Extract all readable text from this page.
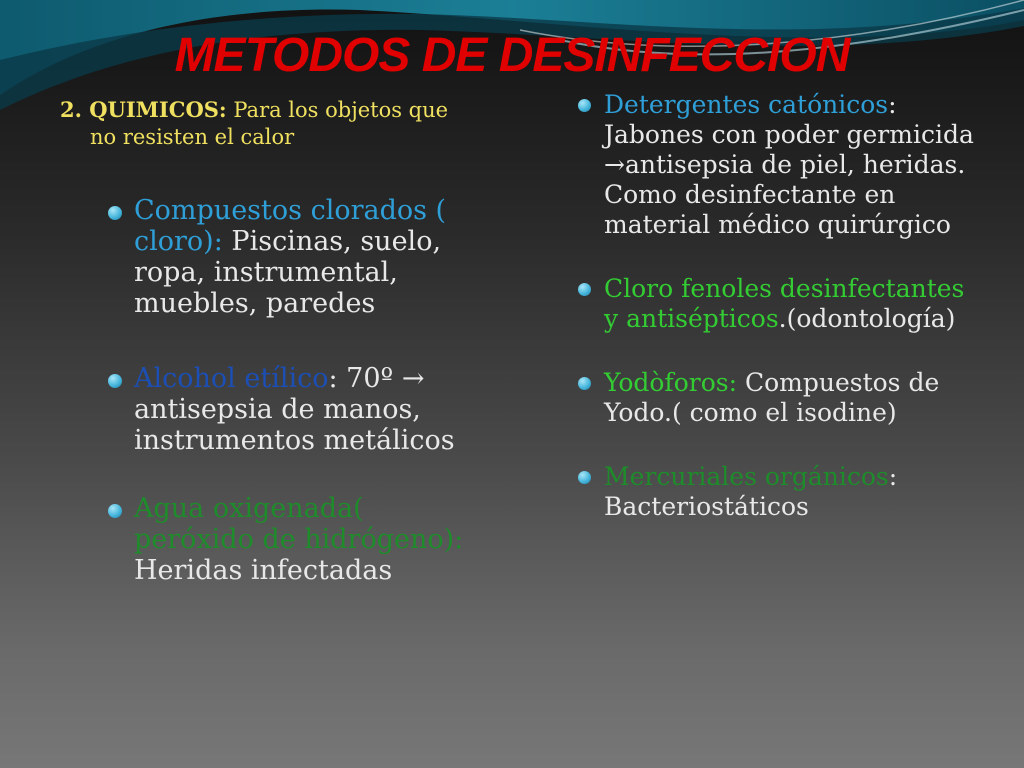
METODOS DE DESINFECCION

2. QUIMICOS: Para los objetos que no resisten el calor

Compuestos clorados ( cloro): Piscinas, suelo, ropa, instrumental, muebles, paredes
Alcohol etílico: 70º → antisepsia de manos, instrumentos metálicos
Agua oxigenada( peróxido de hidrógeno): Heridas infectadas
Detergentes catónicos: Jabones con poder germicida →antisepsia de piel, heridas. Como desinfectante en material médico quirúrgico
Cloro fenoles desinfectantes y antisépticos.(odontología)
Yodòforos: Compuestos de Yodo.( como el isodine)
Mercuriales orgánicos: Bacteriostáticos
